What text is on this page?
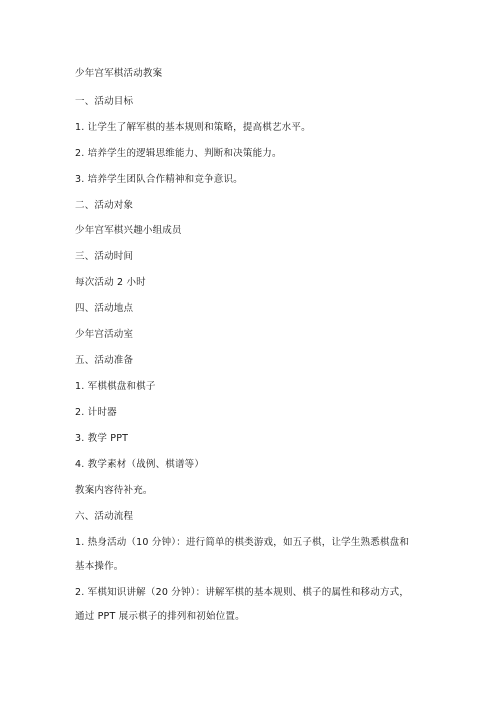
少年宫军棋活动教案
一、活动目标
1. 让学生了解军棋的基本规则和策略，提高棋艺水平。
2. 培养学生的逻辑思维能力、判断和决策能力。
3. 培养学生团队合作精神和竞争意识。
二、活动对象
少年宫军棋兴趣小组成员
三、活动时间
每次活动 2 小时
四、活动地点
少年宫活动室
五、活动准备
1. 军棋棋盘和棋子
2. 计时器
3. 教学 PPT
4. 教学素材（战例、棋谱等）
教案内容待补充。
六、活动流程
1. 热身活动（10 分钟）：进行简单的棋类游戏，如五子棋，让学生熟悉棋盘和
基本操作。
2. 军棋知识讲解（20 分钟）：讲解军棋的基本规则、棋子的属性和移动方式，
通过 PPT 展示棋子的排列和初始位置。
